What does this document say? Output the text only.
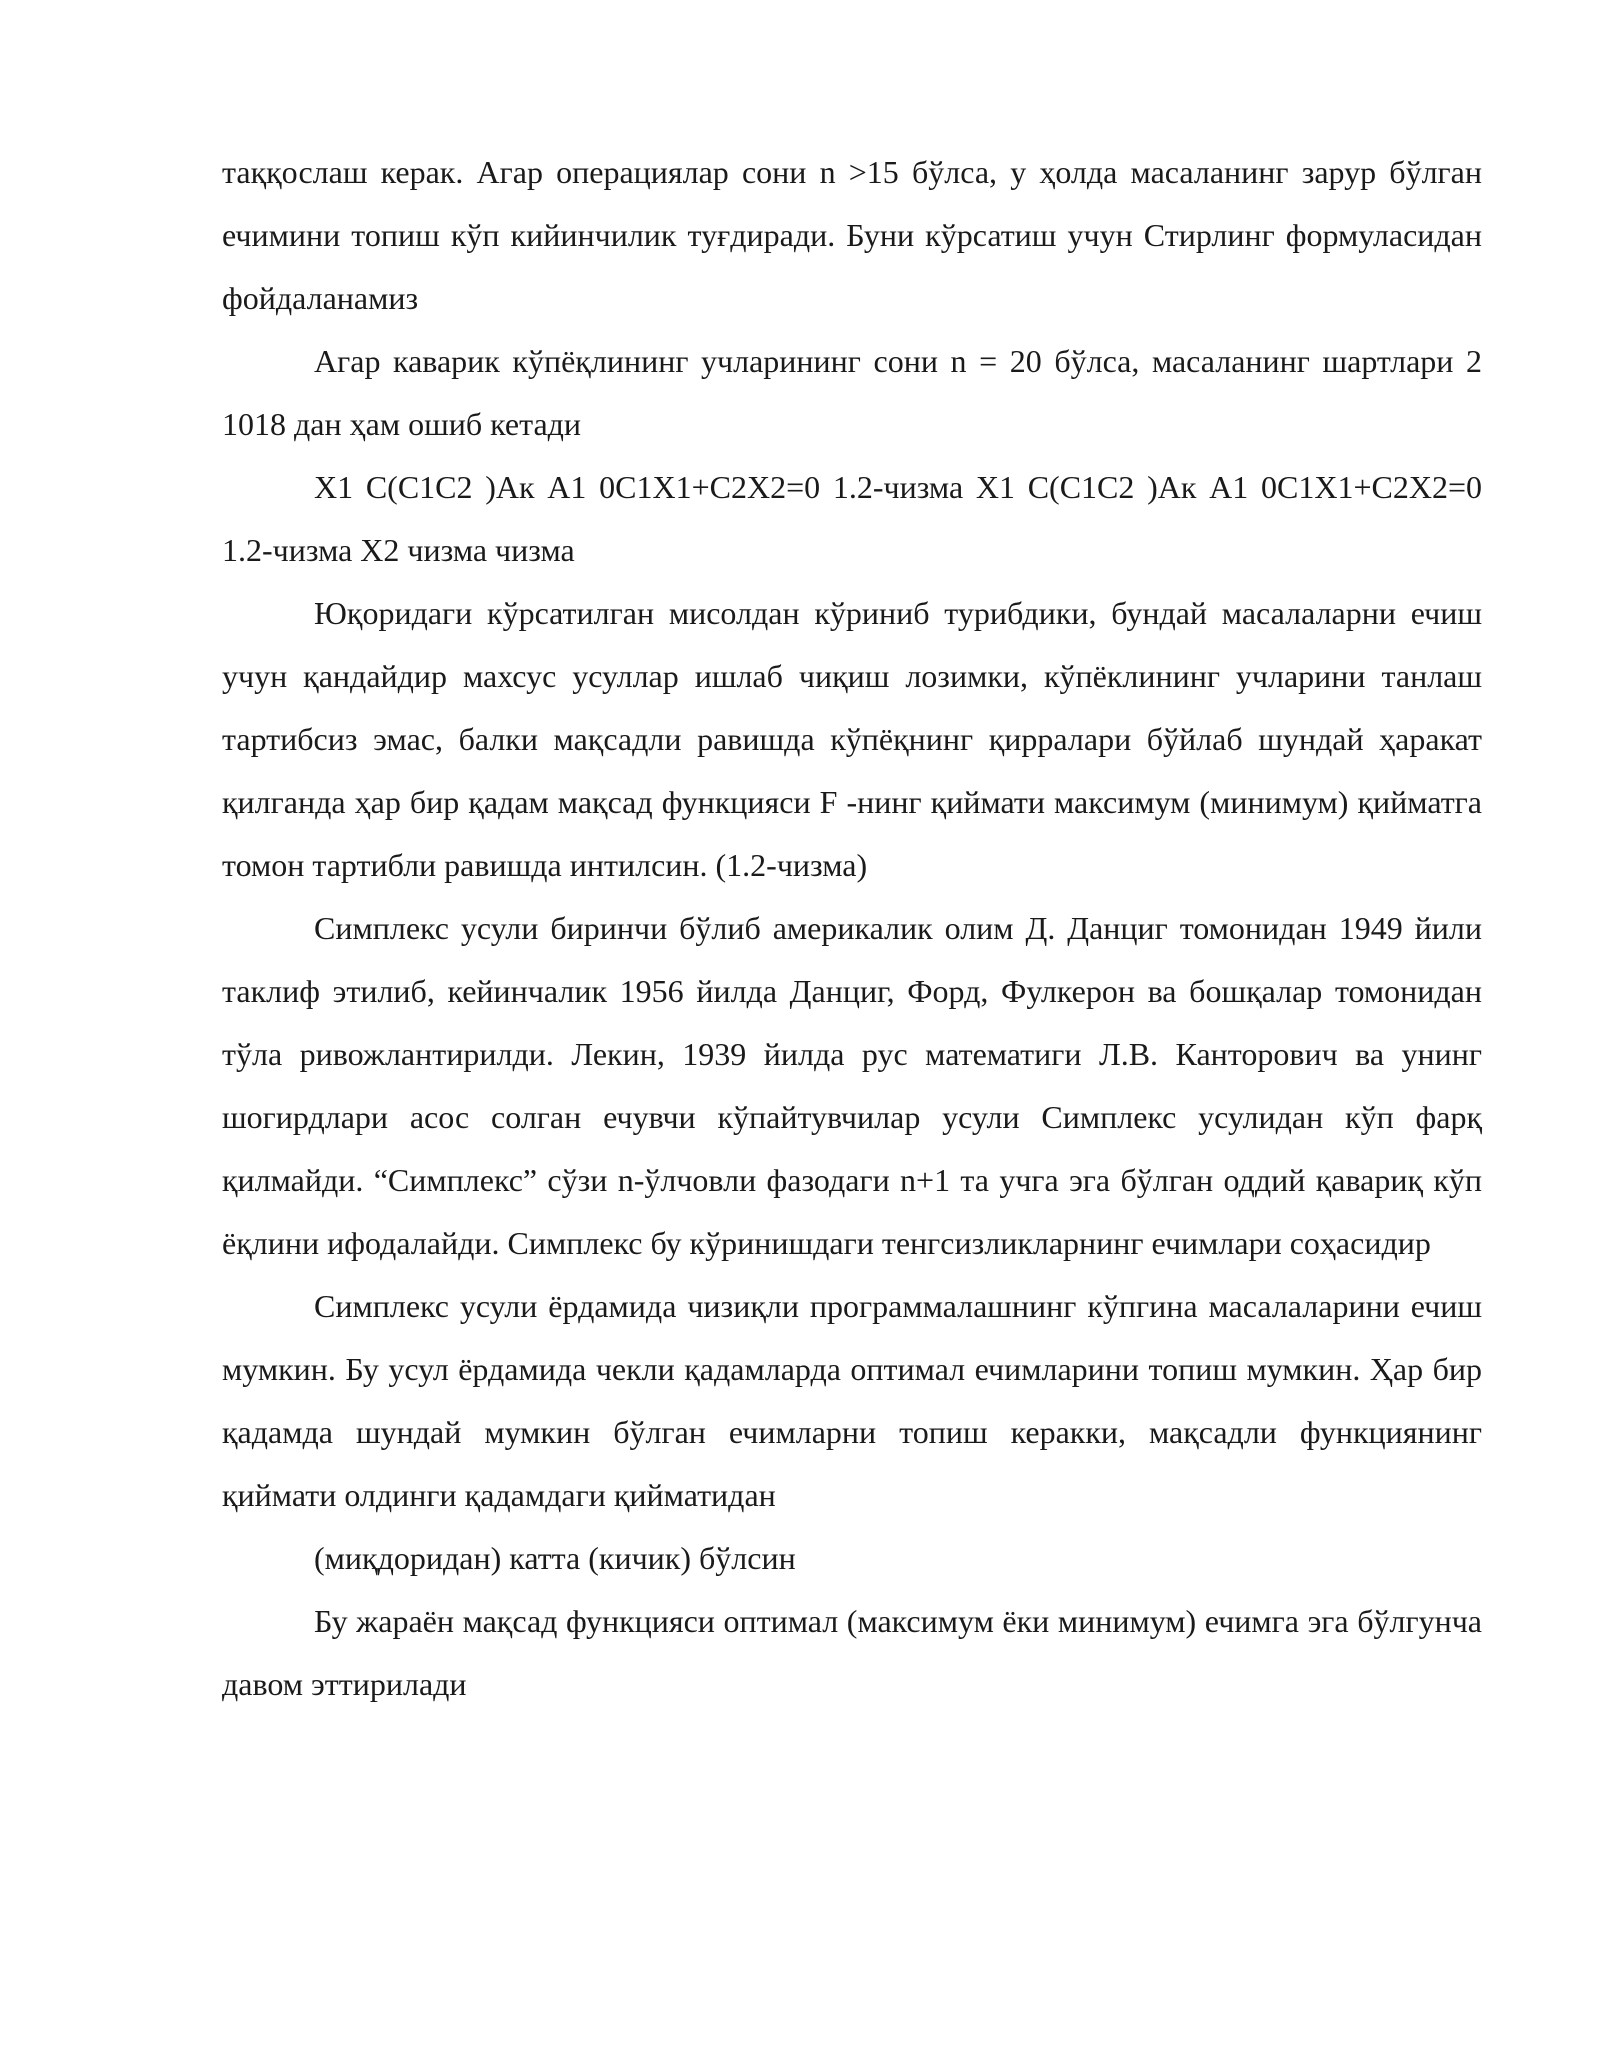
таққослаш керак. Агар операциялар сони n >15 бўлса, у ҳолда масаланинг зарур бўлган ечимини топиш кўп кийинчилик туғдиради. Буни кўрсатиш учун Стирлинг формуласидан фойдаланамиз

Агар каварик кўпёқлининг учларининг сони n = 20 бўлса, масаланинг шартлари 2 1018 дан ҳам ошиб кетади

X1 C(C1C2 )Ак A1 0C1X1+C2X2=0 1.2-чизма X1 C(C1C2 )Ак A1 0C1X1+C2X2=0 1.2-чизма X2 чизма чизма

Юқоридаги кўрсатилган мисолдан кўриниб турибдики, бундай масалаларни ечиш учун қандайдир махсус усуллар ишлаб чиқиш лозимки, кўпёклининг учларини танлаш тартибсиз эмас, балки мақсадли равишда кўпёқнинг қирралари бўйлаб шундай ҳаракат қилганда ҳар бир қадам мақсад функцияси F -нинг қиймати максимум (минимум) қийматга томон тартибли равишда интилсин. (1.2-чизма)

Симплекс усули биринчи бўлиб америкалик олим Д. Данциг томонидан 1949 йили таклиф этилиб, кейинчалик 1956 йилда Данциг, Форд, Фулкерон ва бошқалар томонидан тўла ривожлантирилди. Лекин, 1939 йилда рус математиги Л.В. Канторович ва унинг шогирдлари асос солган ечувчи кўпайтувчилар усули Симплекс усулидан кўп фарқ қилмайди. “Симплекс” сўзи n-ўлчовли фазодаги n+1 та учга эга бўлган оддий қавариқ кўп ёқлини ифодалайди. Симплекс бу кўринишдаги тенгсизликларнинг ечимлари соҳасидир

Симплекс усули ёрдамида чизиқли программалашнинг кўпгина масалаларини ечиш мумкин. Бу усул ёрдамида чекли қадамларда оптимал ечимларини топиш мумкин. Ҳар бир қадамда шундай мумкин бўлган ечимларни топиш керакки, мақсадли функциянинг қиймати олдинги қадамдаги қийматидан

(миқдоридан) катта (кичик) бўлсин

Бу жараён мақсад функцияси оптимал (максимум ёки минимум) ечимга эга бўлгунча давом эттирилади
